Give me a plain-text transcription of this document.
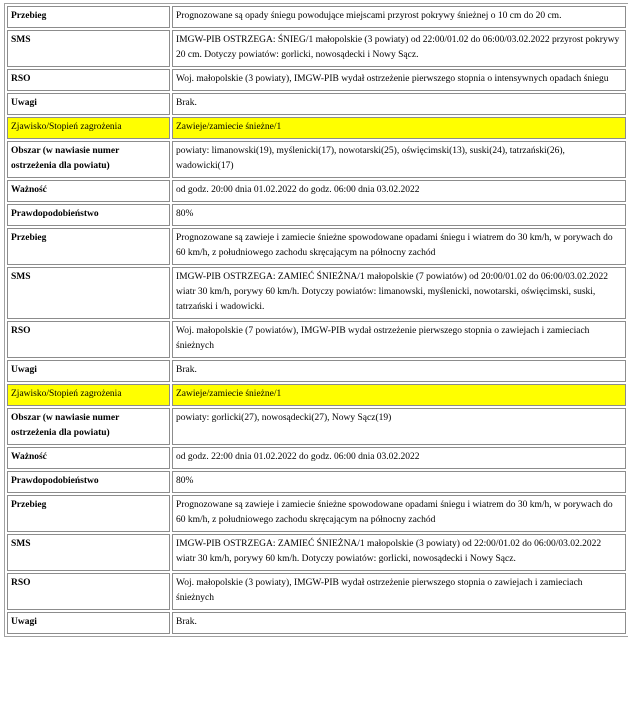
Przebieg	Prognozowane są opady śniegu powodujące miejscami przyrost pokrywy śnieżnej o 10 cm do 20 cm.
SMS	IMGW-PIB OSTRZEGA: ŚNIEG/1 małopolskie (3 powiaty) od 22:00/01.02 do 06:00/03.02.2022 przyrost pokrywy 20 cm. Dotyczy powiatów: gorlicki, nowosądecki i Nowy Sącz.
RSO	Woj. małopolskie (3 powiaty), IMGW-PIB wydał ostrzeżenie pierwszego stopnia o intensywnych opadach śniegu
Uwagi	Brak.
Zjawisko/Stopień zagrożenia	Zawieje/zamiecie śnieżne/1
Obszar (w nawiasie numer ostrzeżenia dla powiatu)	powiaty: limanowski(19), myślenicki(17), nowotarski(25), oświęcimski(13), suski(24), tatrzański(26), wadowicki(17)
Ważność	od godz. 20:00 dnia 01.02.2022 do godz. 06:00 dnia 03.02.2022
Prawdopodobieństwo	80%
Przebieg	Prognozowane są zawieje i zamiecie śnieżne spowodowane opadami śniegu i wiatrem do 30 km/h, w porywach do 60 km/h, z południowego zachodu skręcającym na północny zachód
SMS	IMGW-PIB OSTRZEGA: ZAMIEĆ ŚNIEŻNA/1 małopolskie (7 powiatów) od 20:00/01.02 do 06:00/03.02.2022 wiatr 30 km/h, porywy 60 km/h. Dotyczy powiatów: limanowski, myślenicki, nowotarski, oświęcimski, suski, tatrzański i wadowicki.
RSO	Woj. małopolskie (7 powiatów), IMGW-PIB wydał ostrzeżenie pierwszego stopnia o zawiejach i zamieciach śnieżnych
Uwagi	Brak.
Zjawisko/Stopień zagrożenia	Zawieje/zamiecie śnieżne/1
Obszar (w nawiasie numer ostrzeżenia dla powiatu)	powiaty: gorlicki(27), nowosądecki(27), Nowy Sącz(19)
Ważność	od godz. 22:00 dnia 01.02.2022 do godz. 06:00 dnia 03.02.2022
Prawdopodobieństwo	80%
Przebieg	Prognozowane są zawieje i zamiecie śnieżne spowodowane opadami śniegu i wiatrem do 30 km/h, w porywach do 60 km/h, z południowego zachodu skręcającym na północny zachód
SMS	IMGW-PIB OSTRZEGA: ZAMIEĆ ŚNIEŻNA/1 małopolskie (3 powiaty) od 22:00/01.02 do 06:00/03.02.2022 wiatr 30 km/h, porywy 60 km/h. Dotyczy powiatów: gorlicki, nowosądecki i Nowy Sącz.
RSO	Woj. małopolskie (3 powiaty), IMGW-PIB wydał ostrzeżenie pierwszego stopnia o zawiejach i zamieciach śnieżnych
Uwagi	Brak.
